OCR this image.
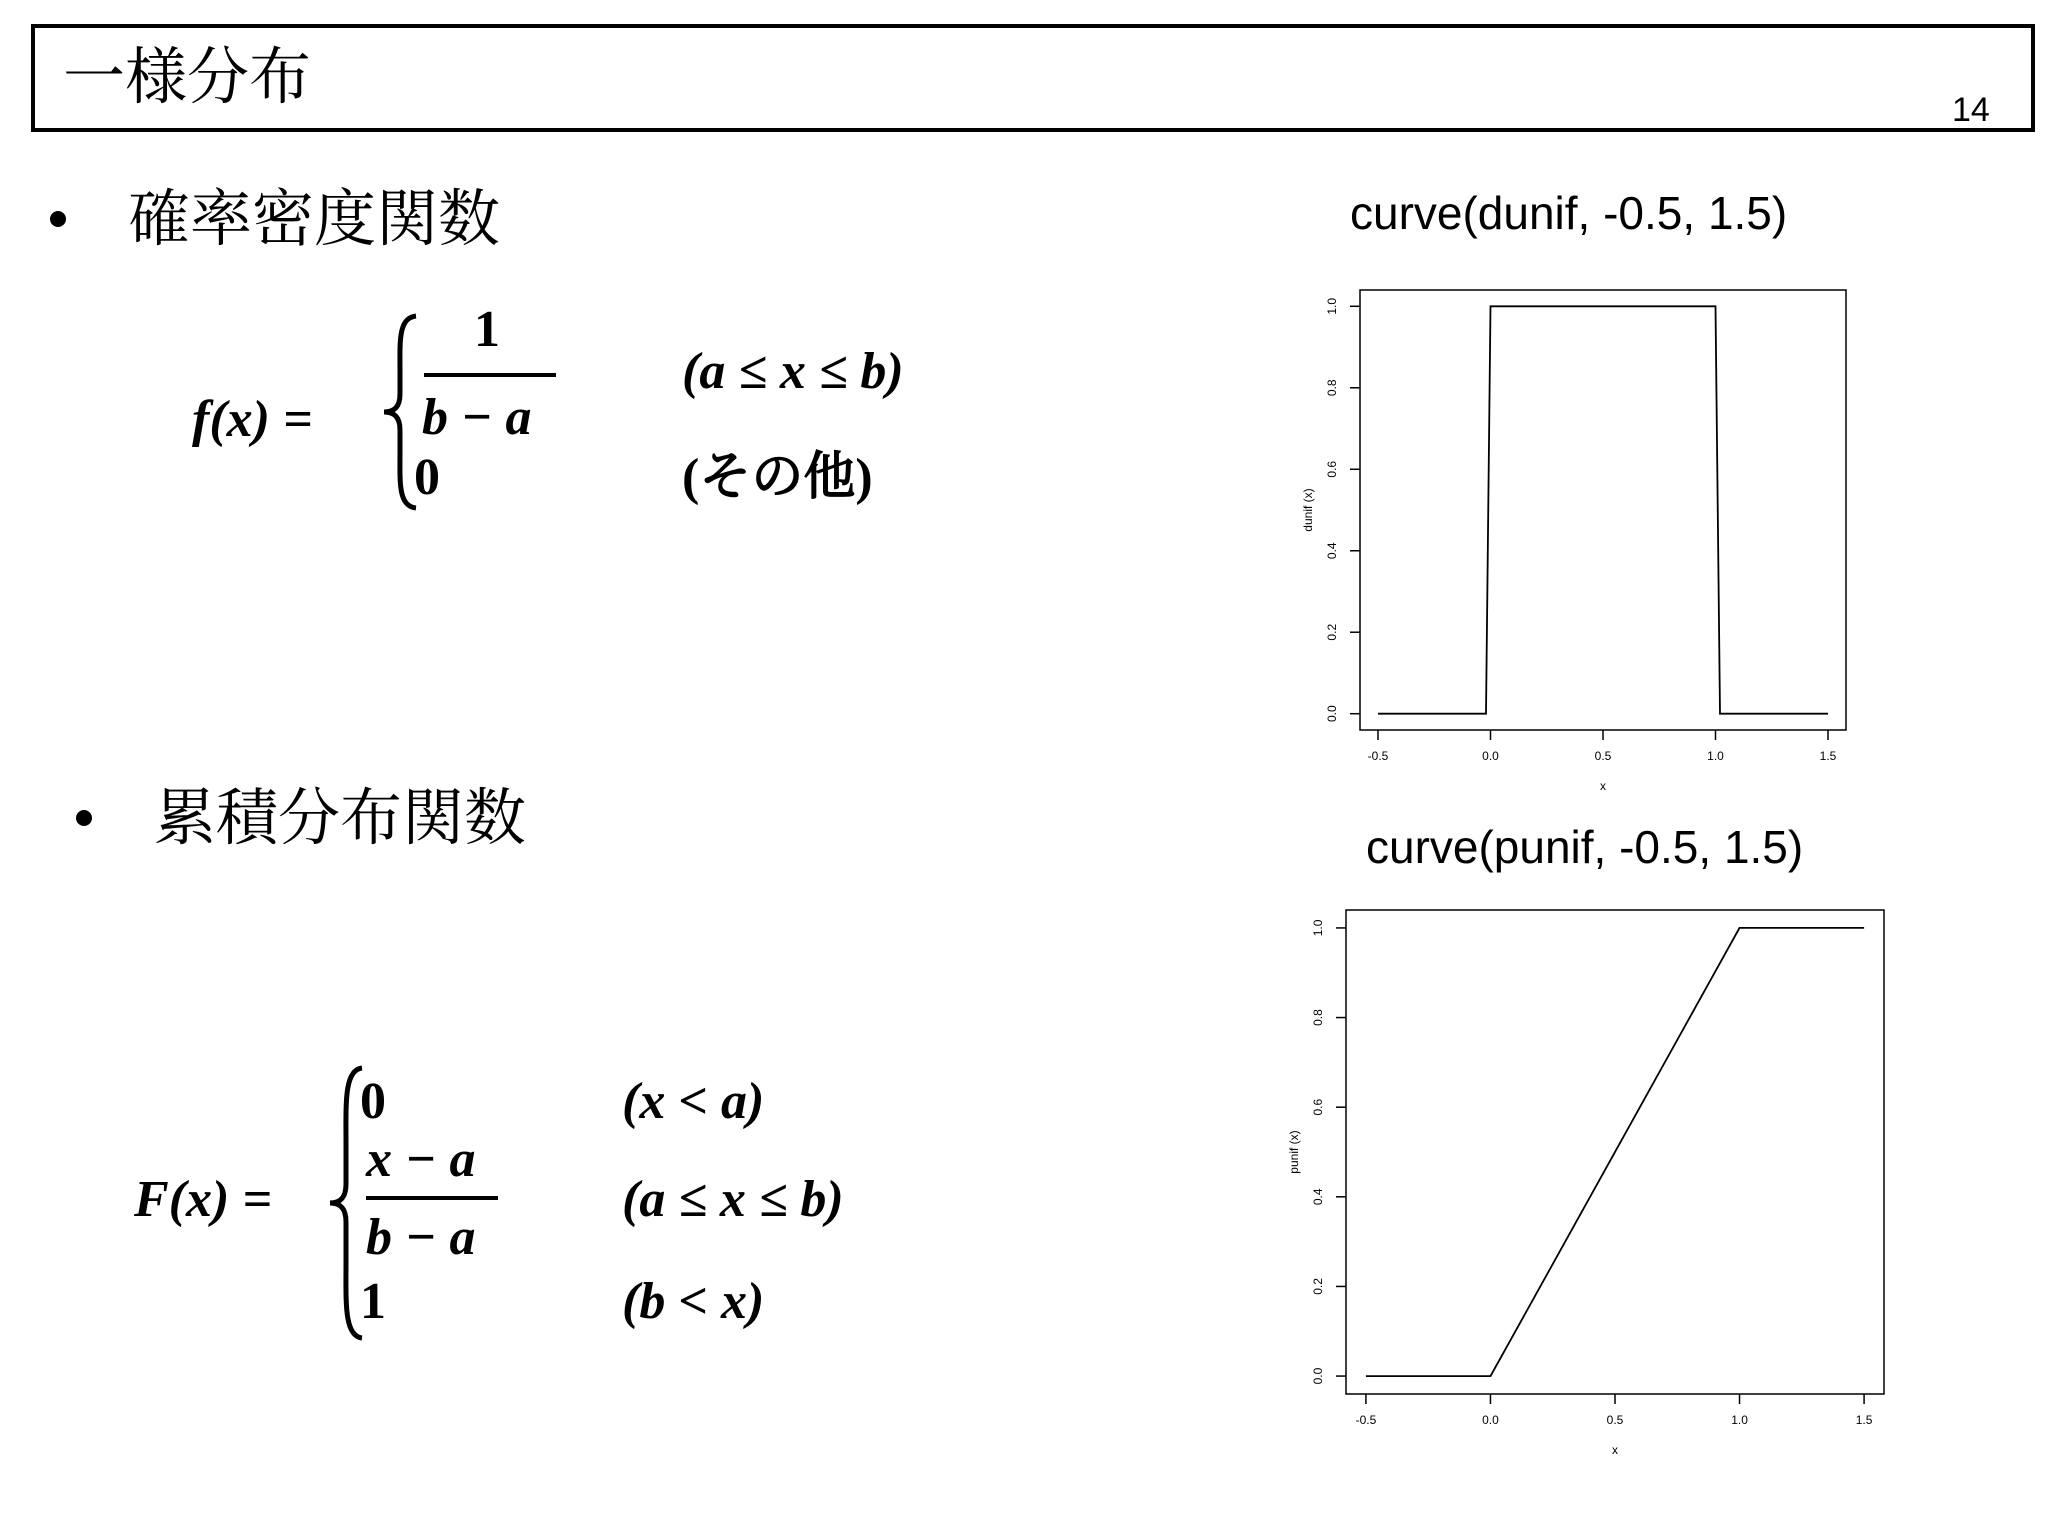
一様分布	14
確率密度関数
累積分布関数
f(x) =
1
b − a
(a ≤ x ≤ b)
0	(その他)
F(x) =
0	(x < a)
x − a
b − a
(a ≤ x ≤ b)
1	(b < x)
curve(dunif, -0.5, 1.5)
curve(punif, -0.5, 1.5)
-0.5	0.0	0.5	1.0	1.5
0.0
0.2
0.4
0.6
0.8
1.0
x
dunif (x)
-0.5	0.0	0.5	1.0	1.5
0.0
0.2
0.4
0.6
0.8
1.0
x
punif (x)
